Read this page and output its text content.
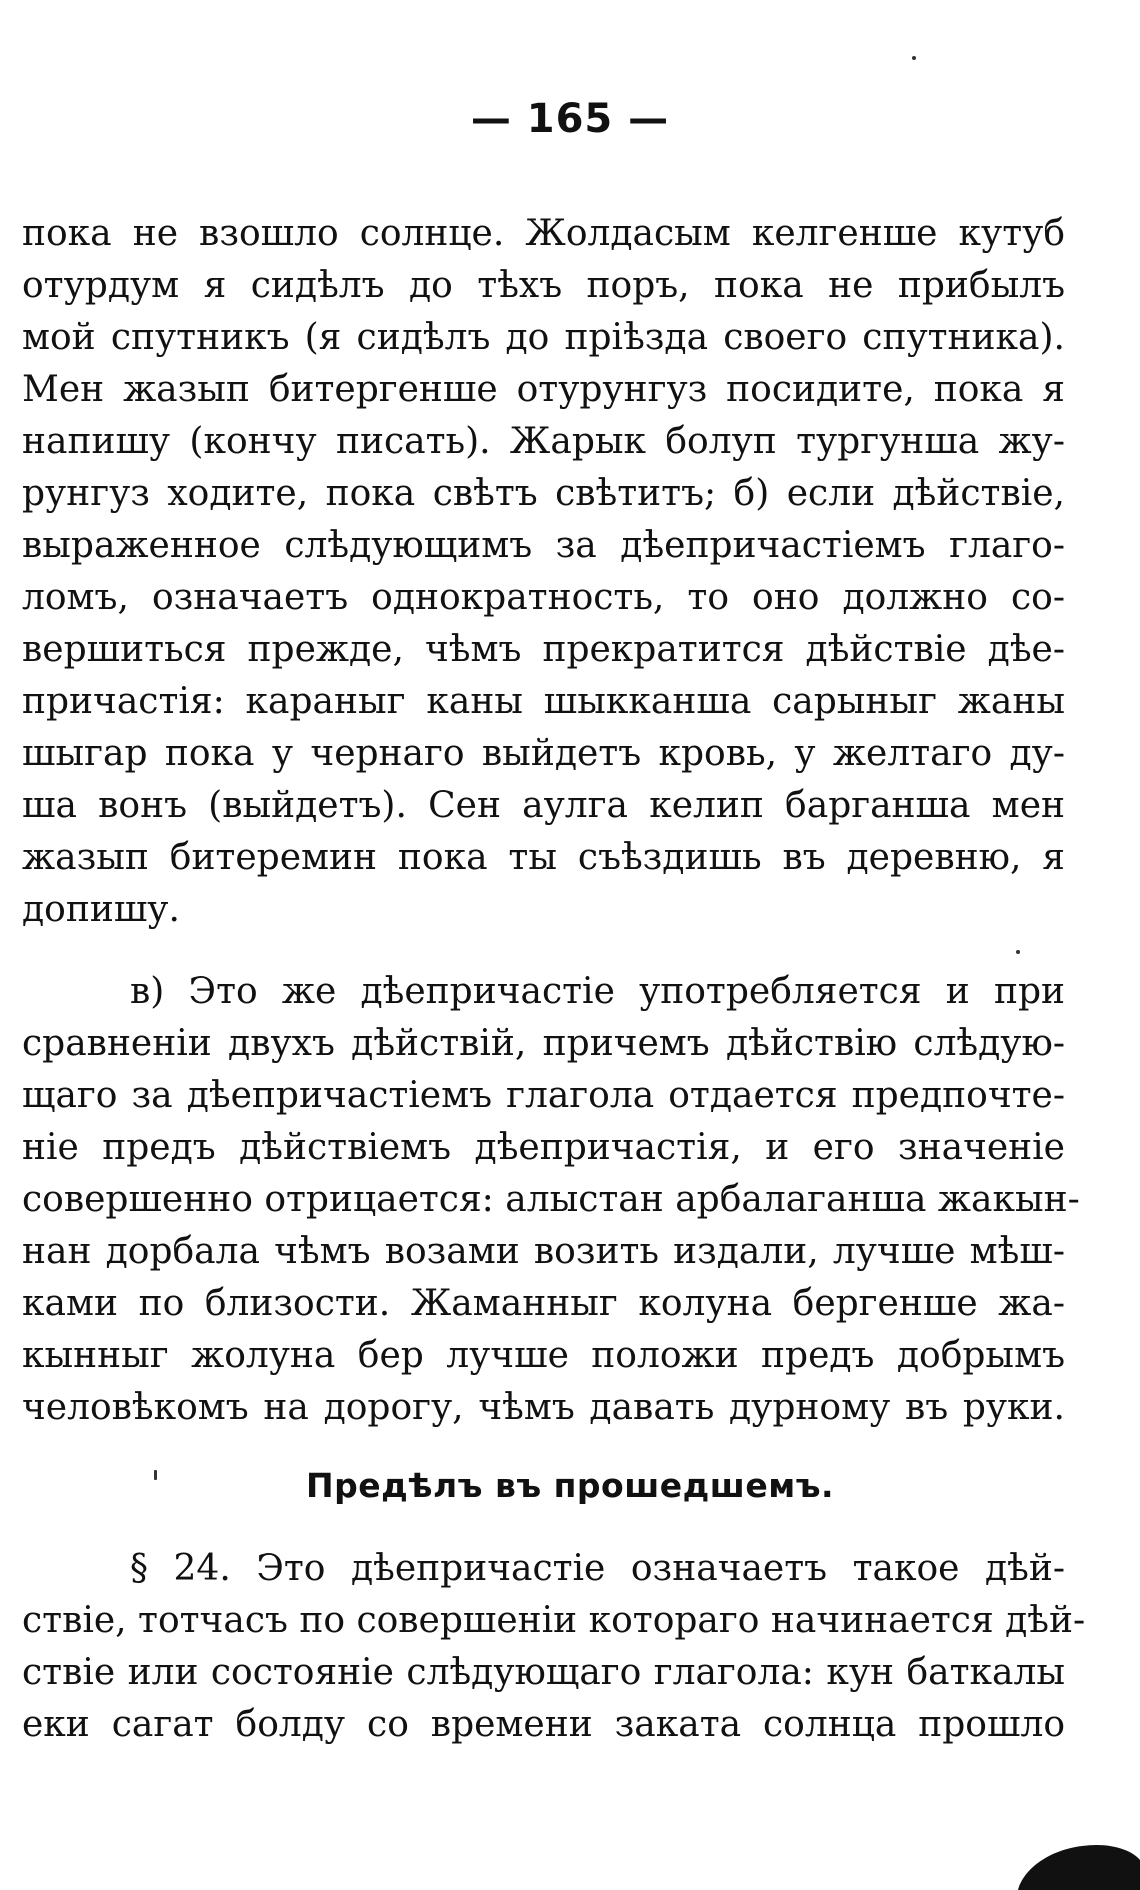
— 165 —
пока не взошло солнце. Жолдасым келгенше кутуб
отурдум я сидѣлъ до тѣхъ поръ, пока не прибылъ
мой спутникъ (я сидѣлъ до пріѣзда своего спутника).
Мен жазып битергенше отурунгуз посидите, пока я
напишу (кончу писать). Жарык болуп тургунша жу-
рунгуз ходите, пока свѣтъ свѣтитъ; б) если дѣйствіе,
выраженное слѣдующимъ за дѣепричастіемъ глаго-
ломъ, означаетъ однократность, то оно должно со-
вершиться прежде, чѣмъ прекратится дѣйствіе дѣе-
причастія: караныг каны шыкканша сарыныг жаны
шыгар пока у чернаго выйдетъ кровь, у желтаго ду-
ша вонъ (выйдетъ). Сен аулга келип барганша мен
жазып битеремин пока ты съѣздишь въ деревню, я
допишу.
в) Это же дѣепричастіе употребляется и при
сравненіи двухъ дѣйствій, причемъ дѣйствію слѣдую-
щаго за дѣепричастіемъ глагола отдается предпочте-
ніе предъ дѣйствіемъ дѣепричастія, и его значеніе
совершенно отрицается: алыстан арбалаганша жакын-
нан дорбала чѣмъ возами возить издали, лучше мѣш-
ками по близости. Жаманныг колуна бергенше жа-
кынныг жолуна бер лучше положи предъ добрымъ
человѣкомъ на дорогу, чѣмъ давать дурному въ руки.
Предѣлъ въ прошедшемъ.
§ 24. Это дѣепричастіе означаетъ такое дѣй-
ствіе, тотчасъ по совершеніи котораго начинается дѣй-
ствіе или состояніе слѣдующаго глагола: кун баткалы
еки сагат болду со времени заката солнца прошло
